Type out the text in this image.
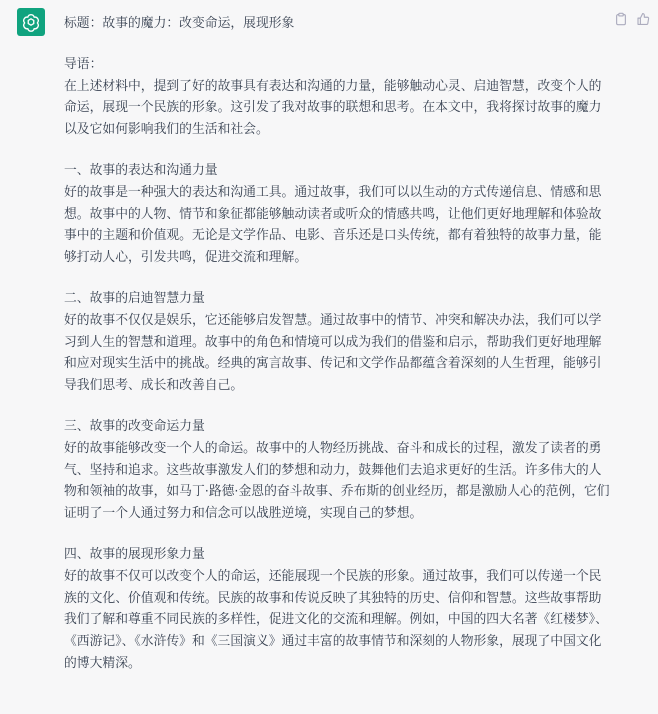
标题：故事的魔力：改变命运，展现形象

导语：

在上述材料中，提到了好的故事具有表达和沟通的力量，能够触动心灵、启迪智慧，改变个人的命运，展现一个民族的形象。这引发了我对故事的联想和思考。在本文中，我将探讨故事的魔力以及它如何影响我们的生活和社会。

一、故事的表达和沟通力量

好的故事是一种强大的表达和沟通工具。通过故事，我们可以以生动的方式传递信息、情感和思想。故事中的人物、情节和象征都能够触动读者或听众的情感共鸣，让他们更好地理解和体验故事中的主题和价值观。无论是文学作品、电影、音乐还是口头传统，都有着独特的故事力量，能够打动人心，引发共鸣，促进交流和理解。

二、故事的启迪智慧力量

好的故事不仅仅是娱乐，它还能够启发智慧。通过故事中的情节、冲突和解决办法，我们可以学习到人生的智慧和道理。故事中的角色和情境可以成为我们的借鉴和启示，帮助我们更好地理解和应对现实生活中的挑战。经典的寓言故事、传记和文学作品都蕴含着深刻的人生哲理，能够引导我们思考、成长和改善自己。

三、故事的改变命运力量

好的故事能够改变一个人的命运。故事中的人物经历挑战、奋斗和成长的过程，激发了读者的勇气、坚持和追求。这些故事激发人们的梦想和动力，鼓舞他们去追求更好的生活。许多伟大的人物和领袖的故事，如马丁·路德·金恩的奋斗故事、乔布斯的创业经历，都是激励人心的范例，它们证明了一个人通过努力和信念可以战胜逆境，实现自己的梦想。

四、故事的展现形象力量

好的故事不仅可以改变个人的命运，还能展现一个民族的形象。通过故事，我们可以传递一个民族的文化、价值观和传统。民族的故事和传说反映了其独特的历史、信仰和智慧。这些故事帮助我们了解和尊重不同民族的多样性，促进文化的交流和理解。例如，中国的四大名著《红楼梦》、《西游记》、《水浒传》和《三国演义》通过丰富的故事情节和深刻的人物形象，展现了中国文化的博大精深。
